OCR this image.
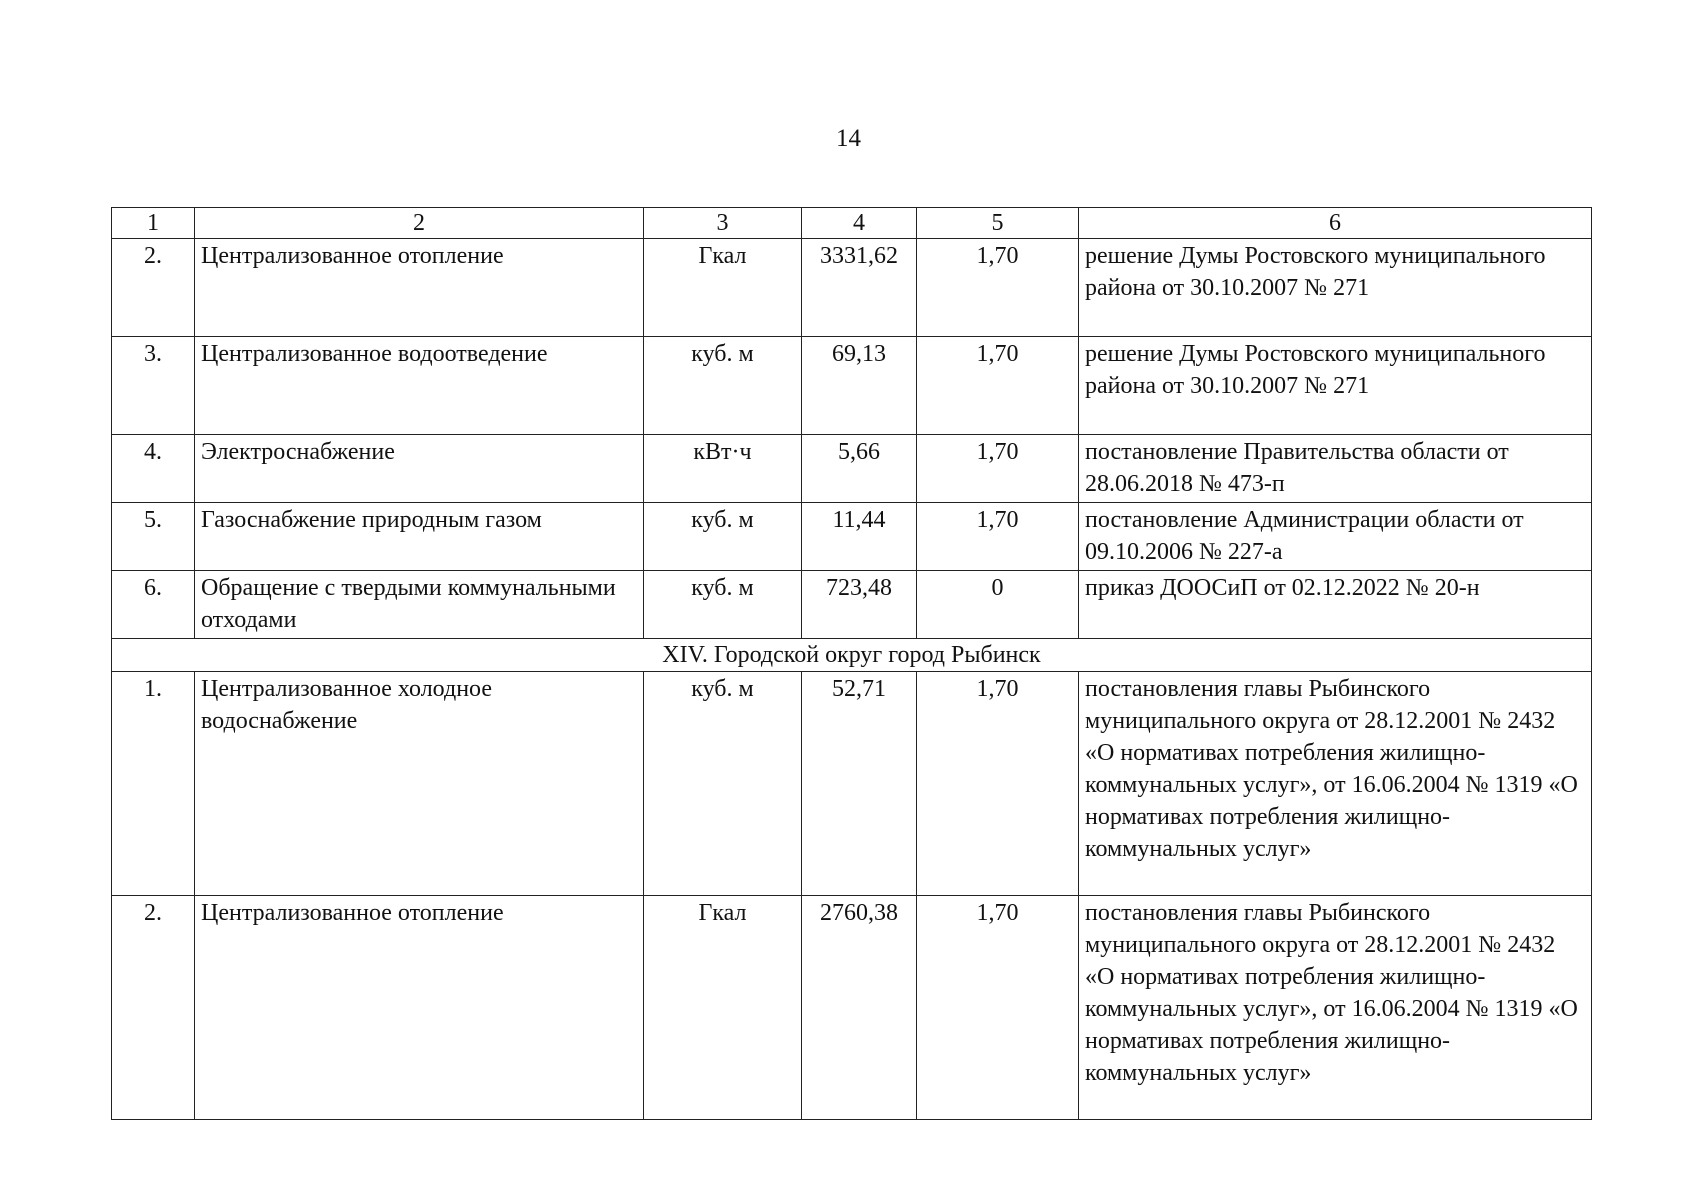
14
1	2	3	4	5	6
2.	Централизованное отопление	Гкал	3331,62	1,70	решение Думы Ростовского муниципального района от 30.10.2007 № 271
3.	Централизованное водоотведение	куб. м	69,13	1,70	решение Думы Ростовского муниципального района от 30.10.2007 № 271
4.	Электроснабжение	кВт·ч	5,66	1,70	постановление Правительства области от 28.06.2018 № 473-п
5.	Газоснабжение природным газом	куб. м	11,44	1,70	постановление Администрации области от 09.10.2006 № 227-а
6.	Обращение с твердыми коммунальными отходами	куб. м	723,48	0	приказ ДООСиП от 02.12.2022 № 20-н
XIV. Городской округ город Рыбинск					
1.	Централизованное холодное водоснабжение	куб. м	52,71	1,70	постановления главы Рыбинского муниципального округа от 28.12.2001 № 2432 «О нормативах потребления жилищно-коммунальных услуг», от 16.06.2004 № 1319 «О нормативах потребления жилищно-коммунальных услуг»
2.	Централизованное отопление	Гкал	2760,38	1,70	постановления главы Рыбинского муниципального округа от 28.12.2001 № 2432 «О нормативах потребления жилищно-коммунальных услуг», от 16.06.2004 № 1319 «О нормативах потребления жилищно-коммунальных услуг»
